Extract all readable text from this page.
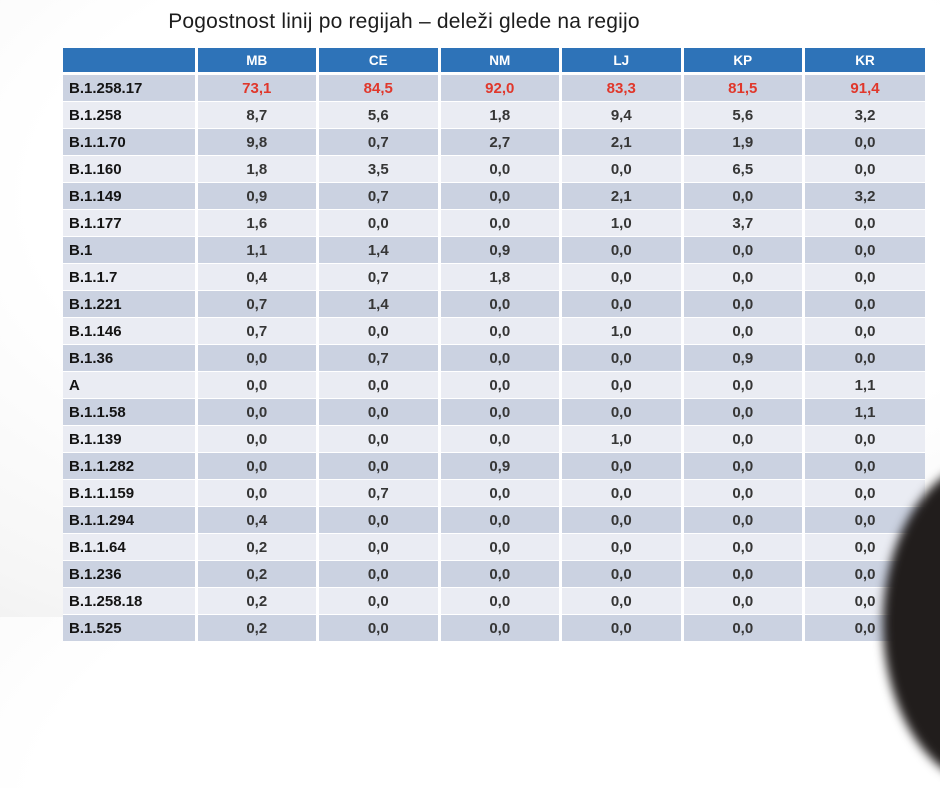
Pogostnost linij po regijah – deleži glede na regijo
	MB	CE	NM	LJ	KP	KR
B.1.258.17	73,1	84,5	92,0	83,3	81,5	91,4
B.1.258	8,7	5,6	1,8	9,4	5,6	3,2
B.1.1.70	9,8	0,7	2,7	2,1	1,9	0,0
B.1.160	1,8	3,5	0,0	0,0	6,5	0,0
B.1.149	0,9	0,7	0,0	2,1	0,0	3,2
B.1.177	1,6	0,0	0,0	1,0	3,7	0,0
B.1	1,1	1,4	0,9	0,0	0,0	0,0
B.1.1.7	0,4	0,7	1,8	0,0	0,0	0,0
B.1.221	0,7	1,4	0,0	0,0	0,0	0,0
B.1.146	0,7	0,0	0,0	1,0	0,0	0,0
B.1.36	0,0	0,7	0,0	0,0	0,9	0,0
A	0,0	0,0	0,0	0,0	0,0	1,1
B.1.1.58	0,0	0,0	0,0	0,0	0,0	1,1
B.1.139	0,0	0,0	0,0	1,0	0,0	0,0
B.1.1.282	0,0	0,0	0,9	0,0	0,0	0,0
B.1.1.159	0,0	0,7	0,0	0,0	0,0	0,0
B.1.1.294	0,4	0,0	0,0	0,0	0,0	0,0
B.1.1.64	0,2	0,0	0,0	0,0	0,0	0,0
B.1.236	0,2	0,0	0,0	0,0	0,0	0,0
B.1.258.18	0,2	0,0	0,0	0,0	0,0	0,0
B.1.525	0,2	0,0	0,0	0,0	0,0	0,0
